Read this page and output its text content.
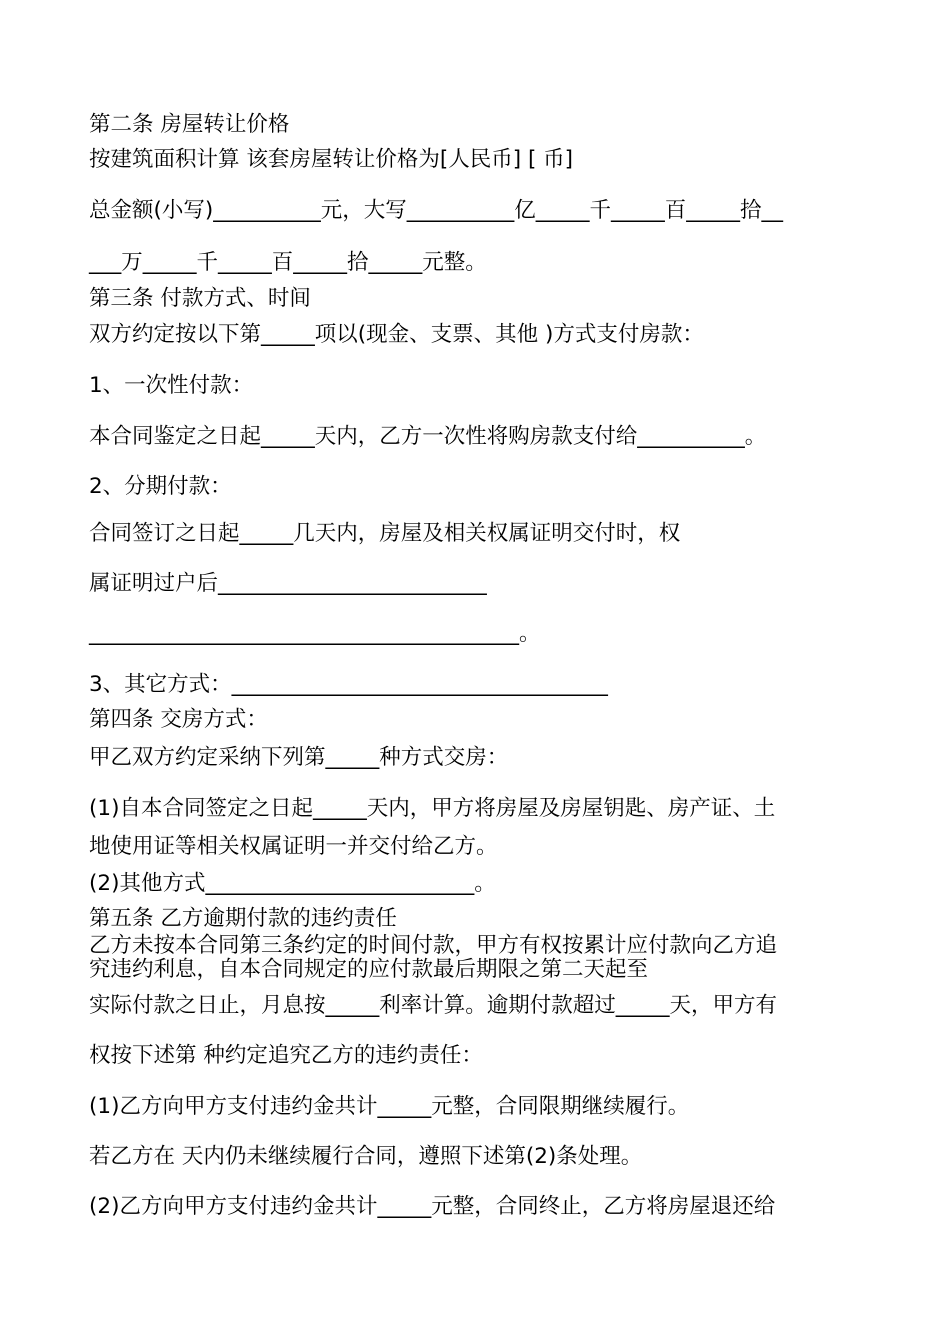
第二条 房屋转让价格
按建筑面积计算 该套房屋转让价格为[人民币] [ 币]
总金额(小写)__________元，大写__________亿_____千_____百_____拾__
___万_____千_____百_____拾_____元整。
第三条 付款方式、时间
双方约定按以下第_____项以(现金、支票、其他 )方式支付房款：
1、一次性付款：
本合同鉴定之日起_____天内，乙方一次性将购房款支付给__________。
2、分期付款：
合同签订之日起_____几天内，房屋及相关权属证明交付时，权
属证明过户后_________________________
________________________________________。
3、其它方式：___________________________________
第四条 交房方式：
甲乙双方约定采纳下列第_____种方式交房：
(1)自本合同签定之日起_____天内，甲方将房屋及房屋钥匙、房产证、土
地使用证等相关权属证明一并交付给乙方。
(2)其他方式_________________________。
第五条 乙方逾期付款的违约责任
乙方未按本合同第三条约定的时间付款，甲方有权按累计应付款向乙方追
究违约利息，自本合同规定的应付款最后期限之第二天起至
实际付款之日止，月息按_____利率计算。逾期付款超过_____天，甲方有
权按下述第 种约定追究乙方的违约责任：
(1)乙方向甲方支付违约金共计_____元整，合同限期继续履行。
若乙方在 天内仍未继续履行合同，遵照下述第(2)条处理。
(2)乙方向甲方支付违约金共计_____元整，合同终止，乙方将房屋退还给
